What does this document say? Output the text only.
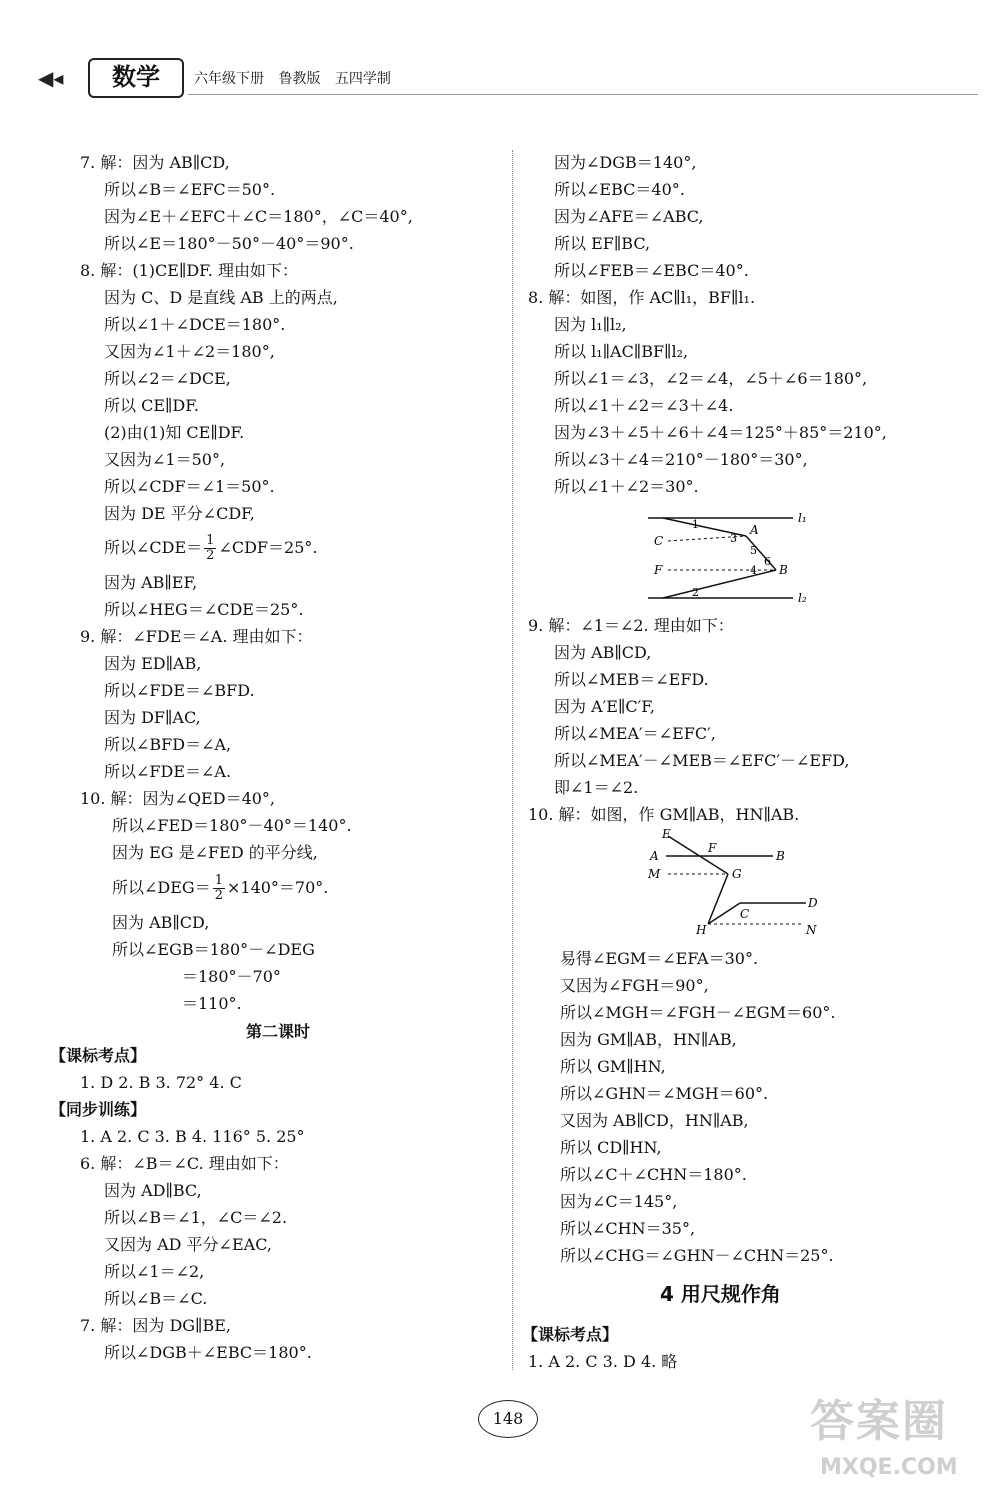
◀◂	数学	六年级下册 鲁教版 五四学制
7. 解：因为 AB∥CD,
所以∠B＝∠EFC＝50°.
因为∠E＋∠EFC＋∠C＝180°，∠C＝40°,
所以∠E＝180°－50°－40°＝90°.
8. 解：(1)CE∥DF. 理由如下：
因为 C、D 是直线 AB 上的两点,
所以∠1＋∠DCE＝180°.
又因为∠1＋∠2＝180°,
所以∠2＝∠DCE,
所以 CE∥DF.
(2)由(1)知 CE∥DF.
又因为∠1＝50°,
所以∠CDF＝∠1＝50°.
因为 DE 平分∠CDF,
所以∠CDE＝ $\frac{1}{2}$ ∠CDF＝25°.
因为 AB∥EF,
所以∠HEG＝∠CDE＝25°.
9. 解：∠FDE＝∠A. 理由如下：
因为 ED∥AB,
所以∠FDE＝∠BFD.
因为 DF∥AC,
所以∠BFD＝∠A,
所以∠FDE＝∠A.
10. 解：因为∠QED＝40°,
所以∠FED＝180°－40°＝140°.
因为 EG 是∠FED 的平分线,
所以∠DEG＝ $\frac{1}{2} \times 140^\circ=70^\circ$.
因为 AB∥CD,
所以∠EGB＝180°－∠DEG
＝180°－70°
＝110°.
第二课时
【课标考点】
1. D 2. B 3. 72° 4. C
【同步训练】
1. A 2. C 3. B 4. 116° 5. 25°
6. 解：∠B＝∠C. 理由如下：
因为 AD∥BC,
所以∠B＝∠1，∠C＝∠2.
又因为 AD 平分∠EAC,
所以∠1＝∠2,
所以∠B＝∠C.
7. 解：因为 DG∥BE,
所以∠DGB＋∠EBC＝180°.
因为∠DGB＝140°,
所以∠EBC＝40°.
因为∠AFE＝∠ABC,
所以 EF∥BC,
所以∠FEB＝∠EBC＝40°.
8. 解：如图，作 AC∥l₁，BF∥l₁.
因为 l₁∥l₂,
所以 l₁∥AC∥BF∥l₂,
所以∠1＝∠3，∠2＝∠4，∠5＋∠6＝180°,
所以∠1＋∠2＝∠3＋∠4.
因为∠3＋∠5＋∠6＋∠4＝125°＋85°＝210°,
所以∠3＋∠4＝210°－180°＝30°,
所以∠1＋∠2＝30°.
l₁
l₂
C
A
F	B
1
2
3
4
5
6
9. 解：∠1＝∠2. 理由如下：
因为 AB∥CD,
所以∠MEB＝∠EFD.
因为 A′E∥C′F,
所以∠MEA′＝∠EFC′,
所以∠MEA′－∠MEB＝∠EFC′－∠EFD,
即∠1＝∠2.
10. 解：如图，作 GM∥AB，HN∥AB.
E
F
A	B
M	G
C
D
H	N
易得∠EGM＝∠EFA＝30°.
又因为∠FGH＝90°,
所以∠MGH＝∠FGH－∠EGM＝60°.
因为 GM∥AB，HN∥AB,
所以 GM∥HN,
所以∠GHN＝∠MGH＝60°.
又因为 AB∥CD，HN∥AB,
所以 CD∥HN,
所以∠C＋∠CHN＝180°.
因为∠C＝145°,
所以∠CHN＝35°,
所以∠CHG＝∠GHN－∠CHN＝25°.
4 用尺规作角
【课标考点】
1. A 2. C 3. D 4. 略
148	答案圈
MXQE.COM
